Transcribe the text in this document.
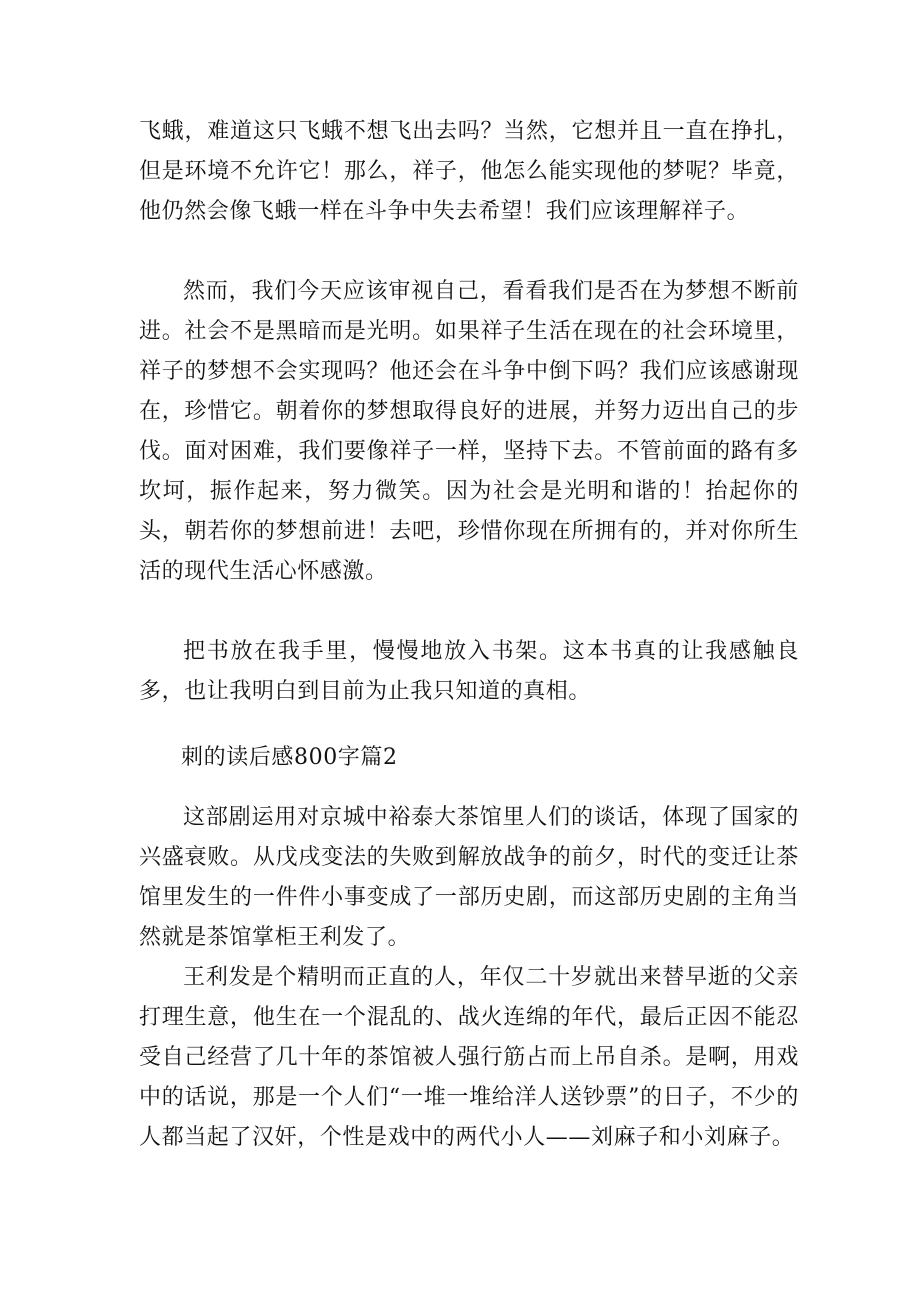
飞蛾，难道这只飞蛾不想飞出去吗？当然，它想并且一直在挣扎，但是环境不允许它！那么，祥子，他怎么能实现他的梦呢？毕竟，他仍然会像飞蛾一样在斗争中失去希望！我们应该理解祥子。

然而，我们今天应该审视自己，看看我们是否在为梦想不断前进。社会不是黑暗而是光明。如果祥子生活在现在的社会环境里，祥子的梦想不会实现吗？他还会在斗争中倒下吗？我们应该感谢现在，珍惜它。朝着你的梦想取得良好的进展，并努力迈出自己的步伐。面对困难，我们要像祥子一样，坚持下去。不管前面的路有多坎坷，振作起来，努力微笑。因为社会是光明和谐的！抬起你的头，朝若你的梦想前进！去吧，珍惜你现在所拥有的，并对你所生活的现代生活心怀感激。

把书放在我手里，慢慢地放入书架。这本书真的让我感触良多，也让我明白到目前为止我只知道的真相。

刺的读后感800字篇2

这部剧运用对京城中裕泰大茶馆里人们的谈话，体现了国家的兴盛衰败。从戊戌变法的失败到解放战争的前夕，时代的变迁让茶馆里发生的一件件小事变成了一部历史剧，而这部历史剧的主角当然就是茶馆掌柜王利发了。

王利发是个精明而正直的人，年仅二十岁就出来替早逝的父亲打理生意，他生在一个混乱的、战火连绵的年代，最后正因不能忍受自己经营了几十年的茶馆被人强行筋占而上吊自杀。是啊，用戏中的话说，那是一个人们“一堆一堆给洋人送钞票”的日子，不少的人都当起了汉奸，个性是戏中的两代小人——刘麻子和小刘麻子。
